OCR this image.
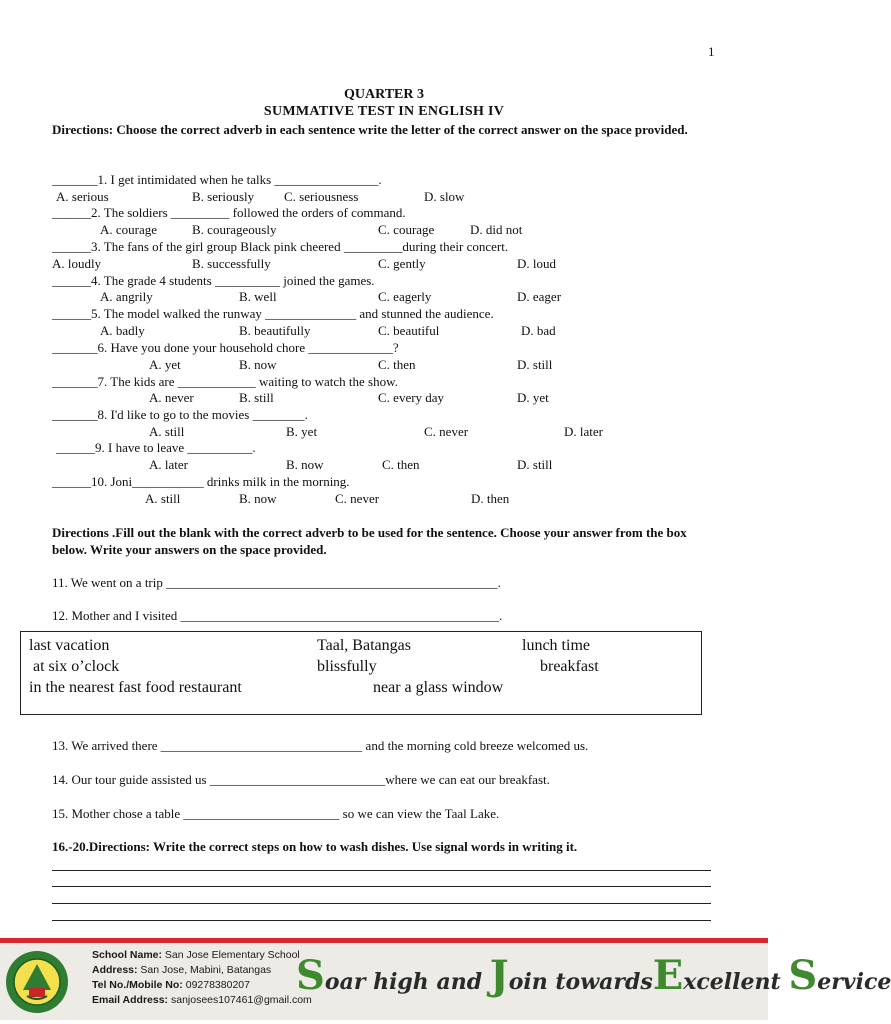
1
QUARTER 3
SUMMATIVE TEST IN ENGLISH IV
Directions: Choose the correct adverb in each sentence write the letter of the correct answer on the space provided.
_______1. I get intimidated when he talks ________________.
A. serious	B. seriously C. seriousness	D. slow
______2. The soldiers _________ followed the orders of command.
A. courage	B. courageously	C. courage	D. did not
______3. The fans of the girl group Black pink cheered _________during their concert.
A. loudly	B. successfully	C. gently	D. loud
______4. The grade 4 students __________ joined the games.
A. angrily	B. well	C. eagerly	D. eager
______5. The model walked the runway ______________ and stunned the audience.
A. badly	B. beautifully	C. beautiful	D. bad
_______6. Have you done your household chore _____________?
A. yet	B. now	C. then	D. still
_______7. The kids are ____________ waiting to watch the show.
A. never	B. still	C. every day	D. yet
_______8. I'd like to go to the movies ________.
A. still	B. yet	C. never	D. later
______9. I have to leave __________.
A. later	B. now	C. then	D. still
______10. Joni___________ drinks milk in the morning.
A. still	B. now	C. never	D. then
Directions .Fill out the blank with the correct adverb to be used for the sentence. Choose your answer from the box below. Write your answers on the space provided.
11. We went on a trip ___________________________________________________.
12. Mother and I visited _________________________________________________.
last vacation	Taal, Batangas	lunch time
at six o’clock	blissfully	breakfast
in the nearest fast food restaurant	near a glass window
13. We arrived there _______________________________ and the morning cold breeze welcomed us.
14. Our tour guide assisted us ___________________________where we can eat our breakfast.
15. Mother chose a table ________________________ so we can view the Taal Lake.
16.-20.Directions: Write the correct steps on how to wash dishes. Use signal words in writing it.
School Name: San Jose Elementary School
Address: San Jose, Mabini, Batangas
Tel No./Mobile No: 09278380207
Email Address: sanjosees107461@gmail.com
Soar high and Join towardsExcellent Service
